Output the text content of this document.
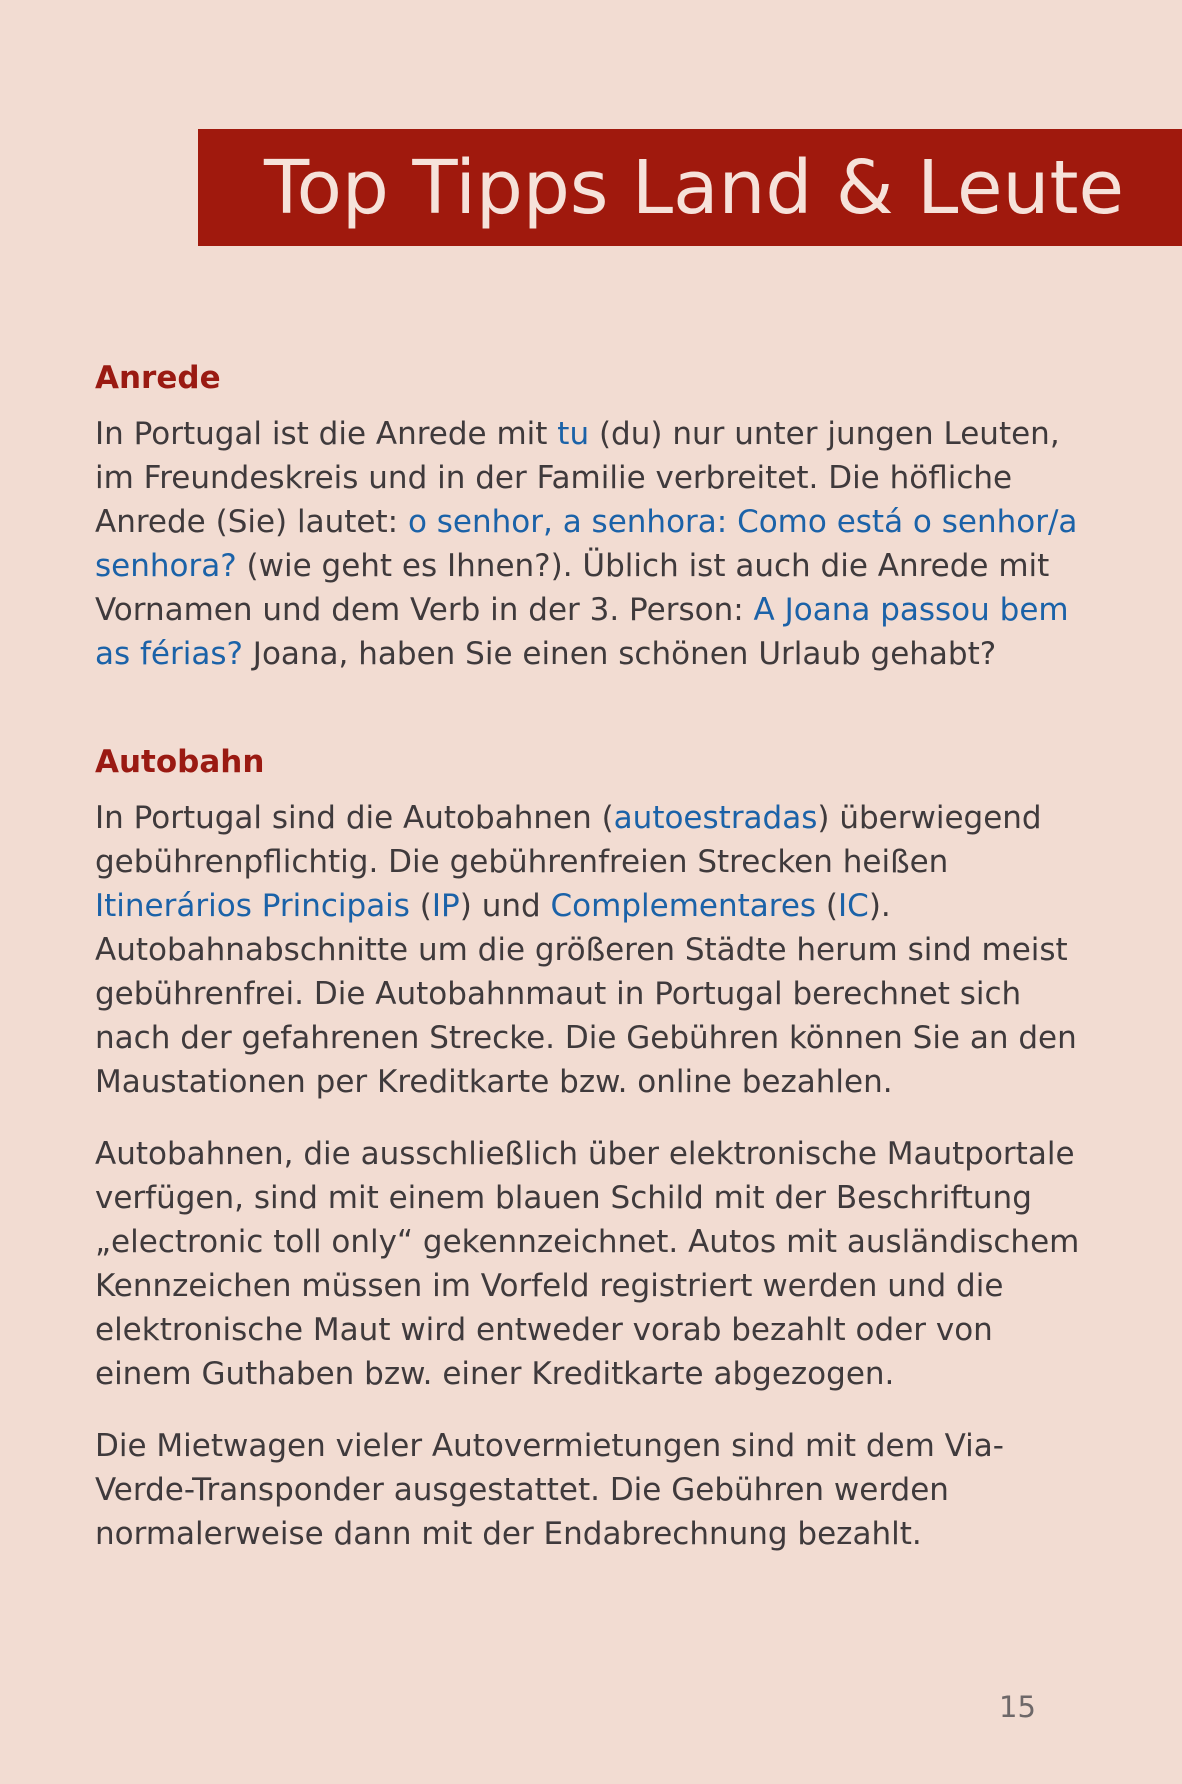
Top Tipps Land & Leute
Anrede

In Portugal ist die Anrede mit tu (du) nur unter jungen Leuten, im Freundeskreis und in der Familie verbreitet. Die höfliche Anrede (Sie) lautet: o senhor, a senhora: Como está o senhor/a senhora? (wie geht es Ihnen?). Üblich ist auch die Anrede mit Vornamen und dem Verb in der 3. Person: A Joana passou bem as férias? Joana, haben Sie einen schönen Urlaub gehabt?

Autobahn

In Portugal sind die Autobahnen (autoestradas) überwiegend gebührenpflichtig. Die gebührenfreien Strecken heißen Itinerários Principais (IP) und Complementares (IC). Autobahnabschnitte um die größeren Städte herum sind meist gebührenfrei. Die Autobahnmaut in Portugal berechnet sich nach der gefahrenen Strecke. Die Gebühren können Sie an den Maustationen per Kreditkarte bzw. online bezahlen.

Autobahnen, die ausschließlich über elektronische Mautportale verfügen, sind mit einem blauen Schild mit der Beschriftung „electronic toll only“ gekennzeichnet. Autos mit ausländischem Kennzeichen müssen im Vorfeld registriert werden und die elektronische Maut wird entweder vorab bezahlt oder von einem Guthaben bzw. einer Kreditkarte abgezogen.

Die Mietwagen vieler Autovermietungen sind mit dem Via-Verde-Transponder ausgestattet. Die Gebühren werden normalerweise dann mit der Endabrechnung bezahlt.

15
